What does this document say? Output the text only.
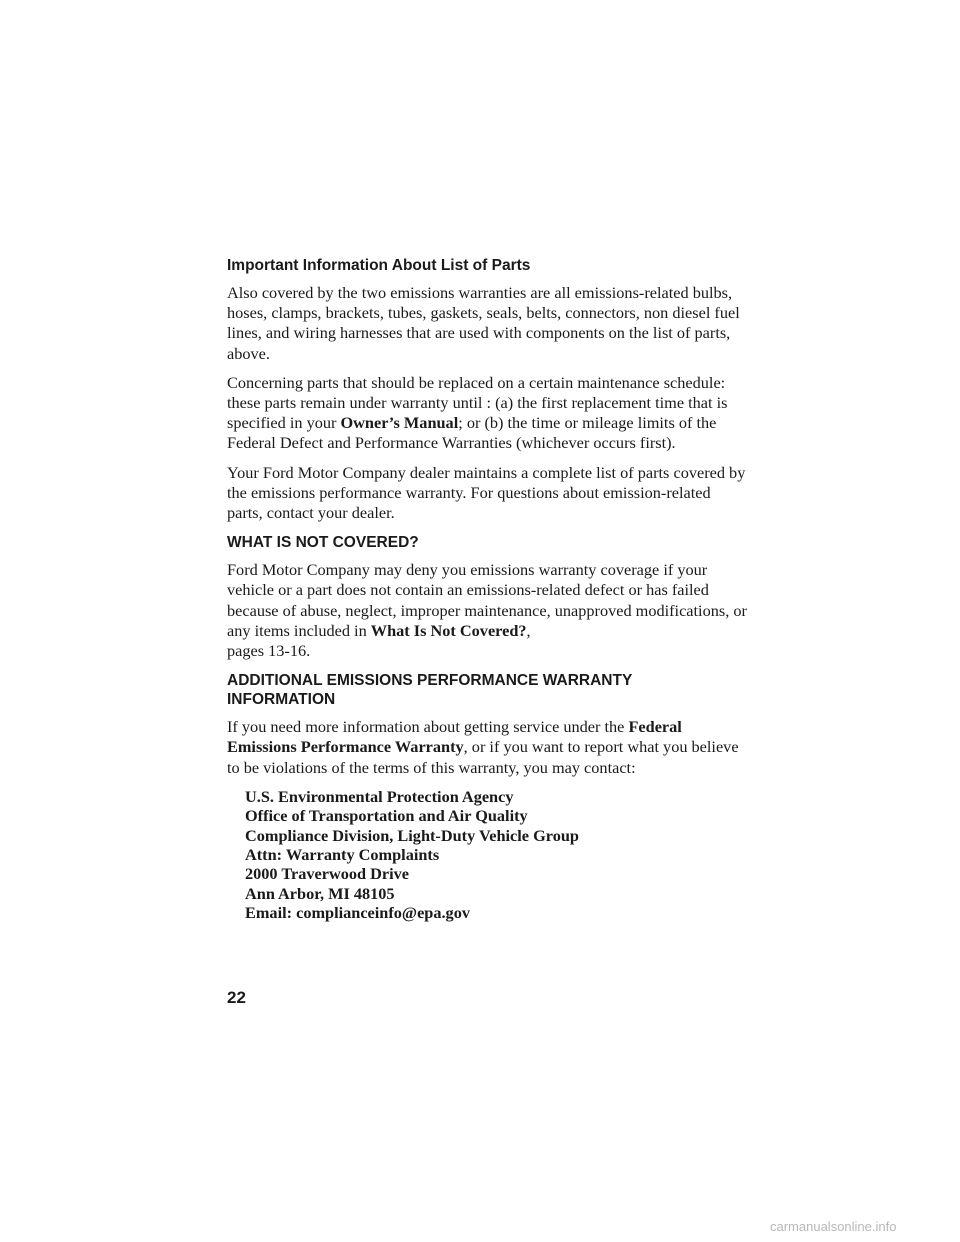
Important Information About List of Parts

Also covered by the two emissions warranties are all emissions-related bulbs, hoses, clamps, brackets, tubes, gaskets, seals, belts, connectors, non diesel fuel lines, and wiring harnesses that are used with components on the list of parts, above.

Concerning parts that should be replaced on a certain maintenance schedule: these parts remain under warranty until : (a) the first replacement time that is specified in your Owner’s Manual; or (b) the time or mileage limits of the Federal Defect and Performance Warranties (whichever occurs first).

Your Ford Motor Company dealer maintains a complete list of parts covered by the emissions performance warranty. For questions about emission-related parts, contact your dealer.

WHAT IS NOT COVERED?

Ford Motor Company may deny you emissions warranty coverage if your vehicle or a part does not contain an emissions-related defect or has failed because of abuse, neglect, improper maintenance, unapproved modifications, or any items included in What Is Not Covered?,
pages 13-16.

ADDITIONAL EMISSIONS PERFORMANCE WARRANTY
INFORMATION

If you need more information about getting service under the Federal Emissions Performance Warranty, or if you want to report what you believe to be violations of the terms of this warranty, you may contact:

U.S. Environmental Protection Agency
Office of Transportation and Air Quality
Compliance Division, Light-Duty Vehicle Group
Attn: Warranty Complaints
2000 Traverwood Drive
Ann Arbor, MI 48105
Email: complianceinfo@epa.gov
22
carmanualsonline.info
